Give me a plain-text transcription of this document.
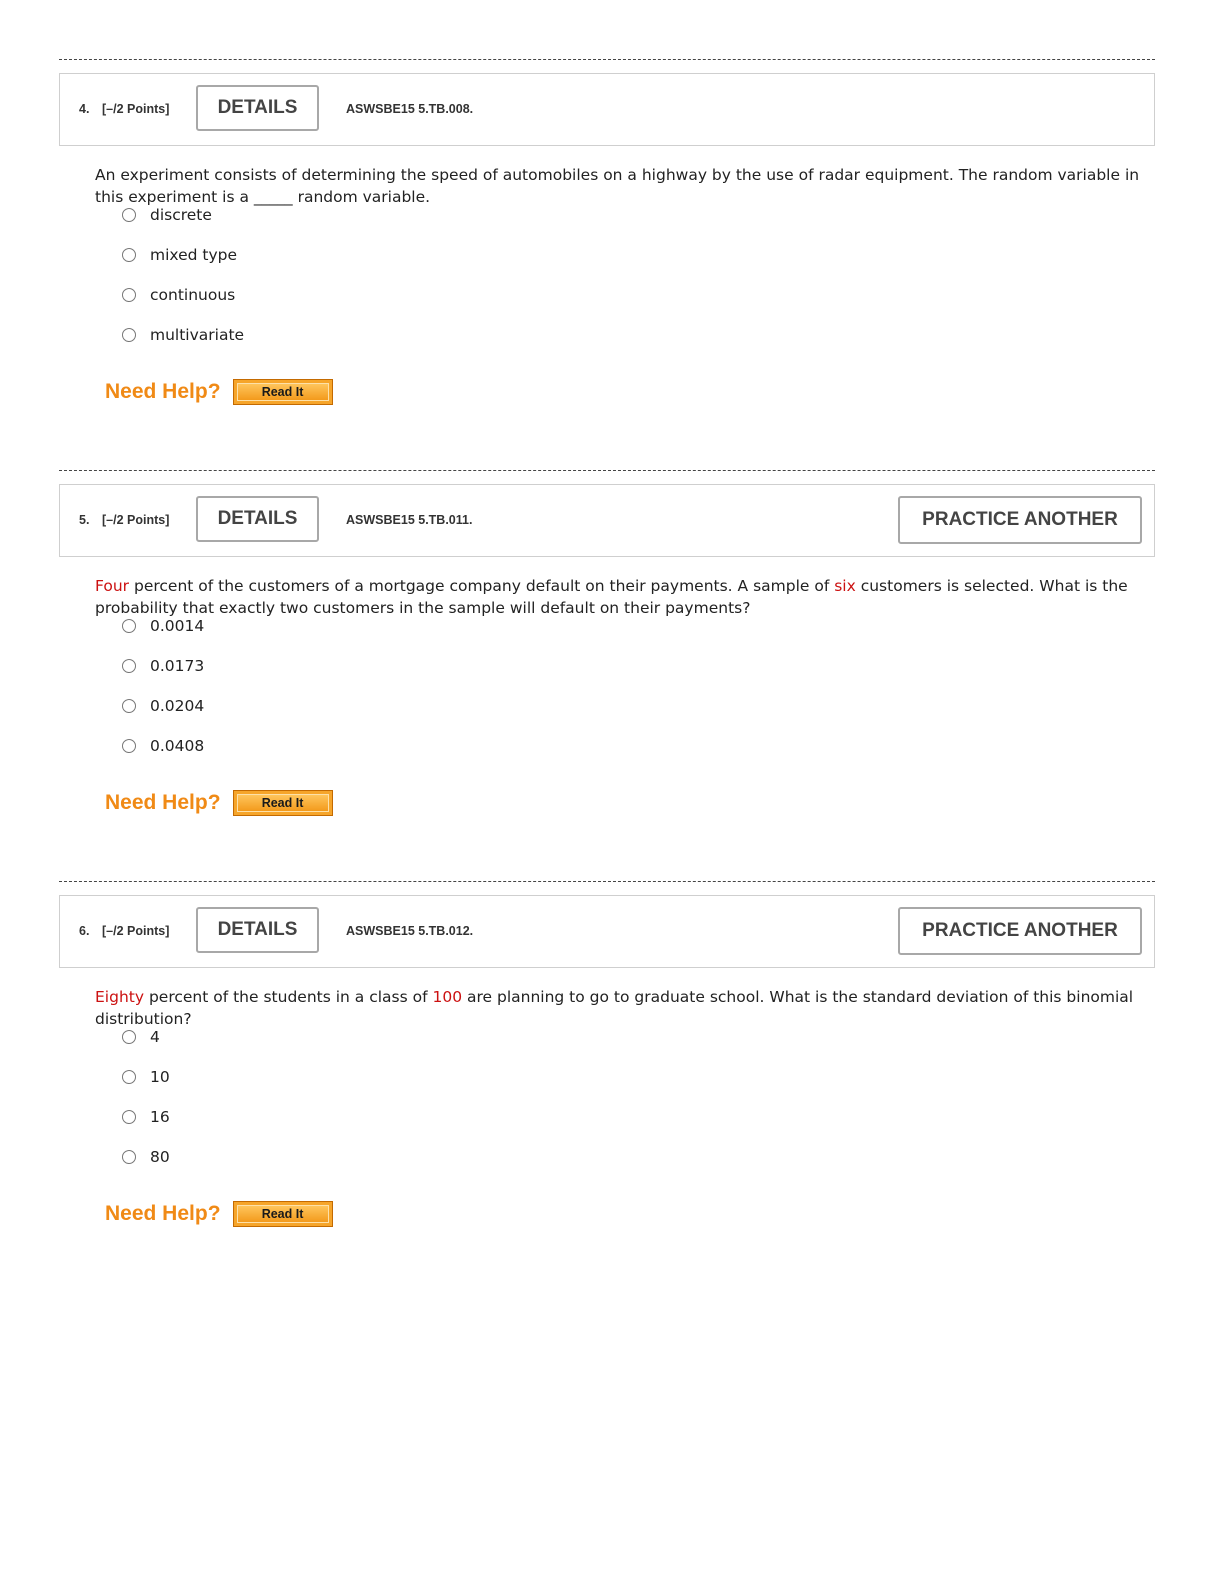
4. [–/2 Points]	DETAILS	ASWSBE15 5.TB.008.
An experiment consists of determining the speed of automobiles on a highway by the use of radar equipment. The random variable in this experiment is a _____ random variable.
discrete
mixed type
continuous
multivariate
Need Help?	Read It
5. [–/2 Points]	DETAILS	ASWSBE15 5.TB.011.	PRACTICE ANOTHER
Four percent of the customers of a mortgage company default on their payments. A sample of six customers is selected. What is the probability that exactly two customers in the sample will default on their payments?
0.0014
0.0173
0.0204
0.0408
Need Help?	Read It
6. [–/2 Points]	DETAILS	ASWSBE15 5.TB.012.	PRACTICE ANOTHER
Eighty percent of the students in a class of 100 are planning to go to graduate school. What is the standard deviation of this binomial distribution?
4
10
16
80
Need Help?	Read It
